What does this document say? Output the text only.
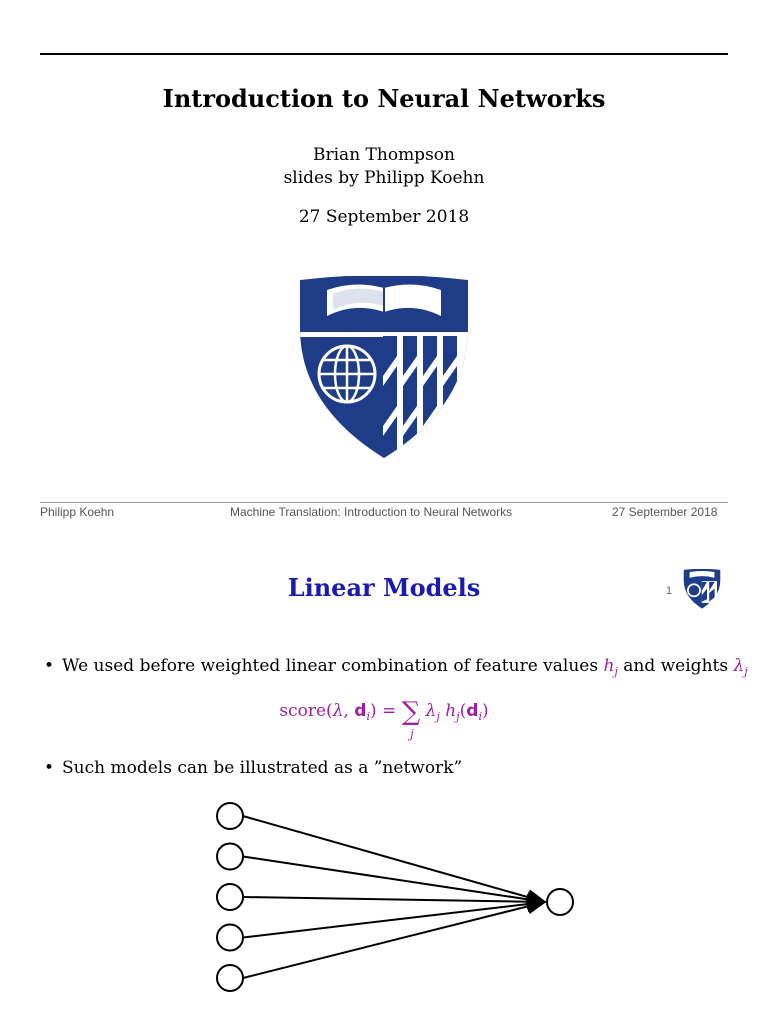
Introduction to Neural Networks
Brian Thompson
slides by Philipp Koehn
27 September 2018
Philipp Koehn	Machine Translation: Introduction to Neural Networks	27 September 2018
Linear Models	1
• We used before weighted linear combination of feature values $h_j$ and weights $\lambda_j$
score(λ, $d_i$) = ∑ $\lambda_j$ $h_j(d_i)$
j
• Such models can be illustrated as a ”network”
